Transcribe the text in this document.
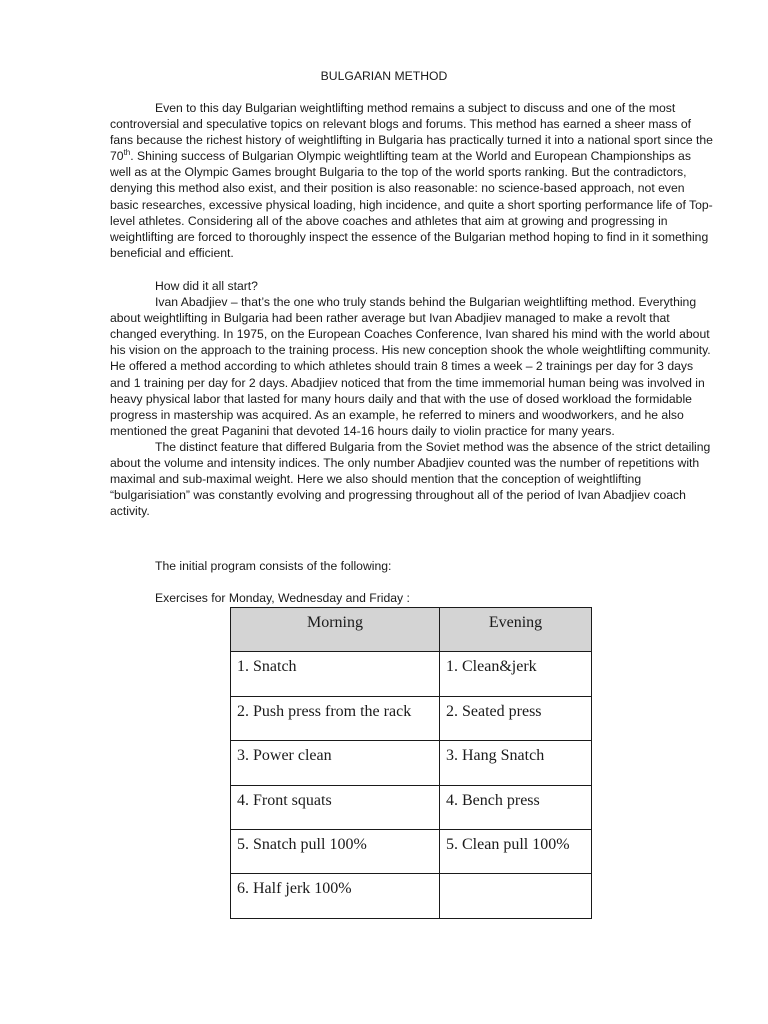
BULGARIAN METHOD

Even to this day Bulgarian weightlifting method remains a subject to discuss and one of the most controversial and speculative topics on relevant blogs and forums. This method has earned a sheer mass of fans because the richest history of weightlifting in Bulgaria has practically turned it into a national sport since the 70th. Shining success of Bulgarian Olympic weightlifting team at the World and European Championships as well as at the Olympic Games brought Bulgaria to the top of the world sports ranking. But the contradictors, denying this method also exist, and their position is also reasonable: no science-based approach, not even basic researches, excessive physical loading, high incidence, and quite a short sporting performance life of Top-level athletes. Considering all of the above coaches and athletes that aim at growing and progressing in weightlifting are forced to thoroughly inspect the essence of the Bulgarian method hoping to find in it something beneficial and efficient.

How did it all start?

Ivan Abadjiev – that’s the one who truly stands behind the Bulgarian weightlifting method. Everything about weightlifting in Bulgaria had been rather average but Ivan Abadjiev managed to make a revolt that changed everything. In 1975, on the European Coaches Conference, Ivan shared his mind with the world about his vision on the approach to the training process. His new conception shook the whole weightlifting community. He offered a method according to which athletes should train 8 times a week – 2 trainings per day for 3 days and 1 training per day for 2 days. Abadjiev noticed that from the time immemorial human being was involved in heavy physical labor that lasted for many hours daily and that with the use of dosed workload the formidable progress in mastership was acquired. As an example, he referred to miners and woodworkers, and he also mentioned the great Paganini that devoted 14-16 hours daily to violin practice for many years.

The distinct feature that differed Bulgaria from the Soviet method was the absence of the strict detailing about the volume and intensity indices. The only number Abadjiev counted was the number of repetitions with maximal and sub-maximal weight. Here we also should mention that the conception of weightlifting “bulgarisiation” was constantly evolving and progressing throughout all of the period of Ivan Abadjiev coach activity.

The initial program consists of the following:

Exercises for Monday, Wednesday and Friday :

Morning	Evening
1. Snatch	1. Clean&jerk
2. Push press from the rack	2. Seated press
3. Power clean	3. Hang Snatch
4. Front squats	4. Bench press
5. Snatch pull 100%	5. Clean pull 100%
6. Half jerk 100%	
